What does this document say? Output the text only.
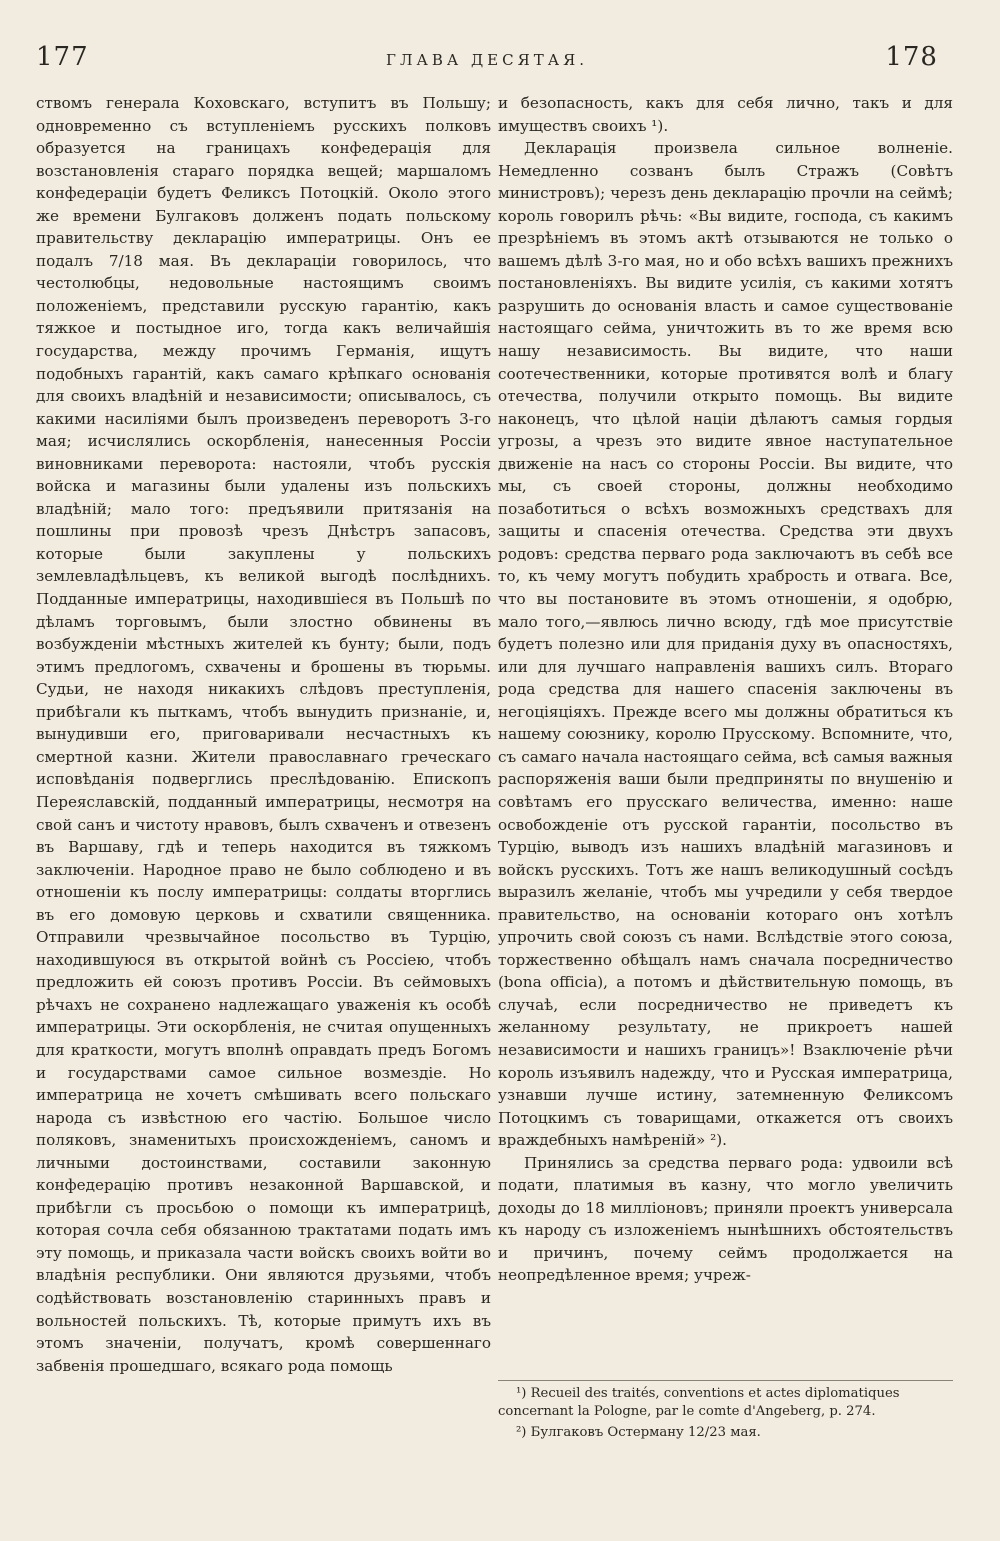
177	ГЛАВА ДЕСЯТАЯ.	178

ствомъ генерала Коховскаго, вступитъ въ Польшу; одновременно съ вступленіемъ русскихъ полковъ образуется на границахъ конфедерація для возстановленія стараго порядка вещей; маршаломъ конфедераціи будетъ Феликсъ Потоцкій. Около этого же времени Булгаковъ долженъ подать польскому правительству декларацію императрицы. Онъ ее подалъ 7/18 мая. Въ декларацiи говорилось, что честолюбцы, недовольные настоящимъ своимъ положеніемъ, представили русскую гарантію, какъ тяжкое и постыдное иго, тогда какъ величайшія государства, между прочимъ Германія, ищутъ подобныхъ гарантій, какъ самаго крѣпкаго основанія для своихъ владѣній и независимости; описывалось, съ какими насиліями былъ произведенъ переворотъ 3-го мая; исчислялись оскорбленія, нанесенныя Россіи виновниками переворота: настояли, чтобъ русскія войска и магазины были удалены изъ польскихъ владѣній; мало того: предъявили притязанія на пошлины при провозѣ чрезъ Днѣстръ запасовъ, которые были закуплены у польскихъ землевладѣльцевъ, къ великой выгодѣ послѣднихъ. Подданные императрицы, находившіеся въ Польшѣ по дѣламъ торговымъ, были злостно обвинены въ возбужденіи мѣстныхъ жителей къ бунту; были, подъ этимъ предлогомъ, схвачены и брошены въ тюрьмы. Судьи, не находя никакихъ слѣдовъ преступленія, прибѣгали къ пыткамъ, чтобъ вынудить признаніе, и, вынудивши его, приговаривали несчастныхъ къ смертной казни. Жители православнаго греческаго исповѣданія подверглись преслѣдованію. Епископъ Переяславскій, подданный императрицы, несмотря на свой санъ и чистоту нравовъ, былъ схваченъ и отвезенъ въ Варшаву, гдѣ и теперь находится въ тяжкомъ заключеніи. Народное право не было соблюдено и въ отношеніи къ послу императрицы: солдаты вторглись въ его домовую церковь и схватили священника. Отправили чрезвычайное посольство въ Турцію, находившуюся въ открытой войнѣ съ Россіею, чтобъ предложить ей союзъ противъ Россіи. Въ сеймовыхъ рѣчахъ не сохранено надлежащаго уваженія къ особѣ императрицы. Эти оскорбленія, не считая опущенныхъ для краткости, могутъ вполнѣ оправдать предъ Богомъ и государствами самое сильное возмездіе. Но императрица не хочетъ смѣшивать всего польскаго народа съ извѣстною его частію. Большое число поляковъ, знаменитыхъ происхожденіемъ, саномъ и личными достоинствами, составили законную конфедерацію противъ незаконной Варшавской, и прибѣгли съ просьбою о помощи къ императрицѣ, которая сочла себя обязанною трактатами подать имъ эту помощь, и приказала части войскъ своихъ войти во владѣнія республики. Они являются друзьями, чтобъ содѣйствовать возстановленію старинныхъ правъ и вольностей польскихъ. Тѣ, которые примутъ ихъ въ этомъ значеніи, получатъ, кромѣ совершеннаго забвенія прошедшаго, всякаго рода помощь

и безопасность, какъ для себя лично, такъ и для имуществъ своихъ ¹).

Декларація произвела сильное волненіе. Немедленно созванъ былъ Стражъ (Совѣтъ министровъ); черезъ день декларацію прочли на сеймѣ; король говорилъ рѣчь: «Вы видите, господа, съ какимъ презрѣніемъ въ этомъ актѣ отзываются не только о вашемъ дѣлѣ 3-го мая, но и обо всѣхъ вашихъ прежнихъ постановленіяхъ. Вы видите усилія, съ какими хотятъ разрушить до основанія власть и самое существованіе настоящаго сейма, уничтожить въ то же время всю нашу независимость. Вы видите, что наши соотечественники, которые противятся волѣ и благу отечества, получили открыто помощь. Вы видите наконецъ, что цѣлой націи дѣлаютъ самыя гордыя угрозы, а чрезъ это видите явное наступательное движеніе на насъ со стороны Россіи. Вы видите, что мы, съ своей стороны, должны необходимо позаботиться о всѣхъ возможныхъ средствахъ для защиты и спасенія отечества. Средства эти двухъ родовъ: средства перваго рода заключаютъ въ себѣ все то, къ чему могутъ побудить храбрость и отвага. Все, что вы постановите въ этомъ отношеніи, я одобрю, мало того,—явлюсь лично всюду, гдѣ мое присутствіе будетъ полезно или для приданія духу въ опасностяхъ, или для лучшаго направленія вашихъ силъ. Втораго рода средства для нашего спасенія заключены въ негоціяціяхъ. Прежде всего мы должны обратиться къ нашему союзнику, королю Прусскому. Вспомните, что, съ самаго начала настоящаго сейма, всѣ самыя важныя распоряженія ваши были предприняты по внушенію и совѣтамъ его прусскаго величества, именно: наше освобожденіе отъ русской гарантіи, посольство въ Турцію, выводъ изъ нашихъ владѣній магазиновъ и войскъ русскихъ. Тотъ же нашъ великодушный сосѣдъ выразилъ желаніе, чтобъ мы учредили у себя твердое правительство, на основаніи котораго онъ хотѣлъ упрочить свой союзъ съ нами. Вслѣдствіе этого союза, торжественно обѣщалъ намъ сначала посредничество (bona officia), а потомъ и дѣйствительную помощь, въ случаѣ, если посредничество не приведетъ къ желанному результату, не прикроетъ нашей независимости и нашихъ границъ»! Взаключеніе рѣчи король изъявилъ надежду, что и Русская императрица, узнавши лучше истину, затемненную Феликсомъ Потоцкимъ съ товарищами, откажется отъ своихъ враждебныхъ намѣреній» ²).

Принялись за средства перваго рода: удвоили всѣ подати, платимыя въ казну, что могло увеличить доходы до 18 милліоновъ; приняли проектъ универсала къ народу съ изложеніемъ нынѣшнихъ обстоятельствъ и причинъ, почему сеймъ продолжается на неопредѣленное время; учреж-

¹) Recueil des traités, conventions et actes diplomatiques concernant la Pologne, par le comte d'Angeberg, p. 274.

²) Булгаковъ Остерману 12/23 мая.
